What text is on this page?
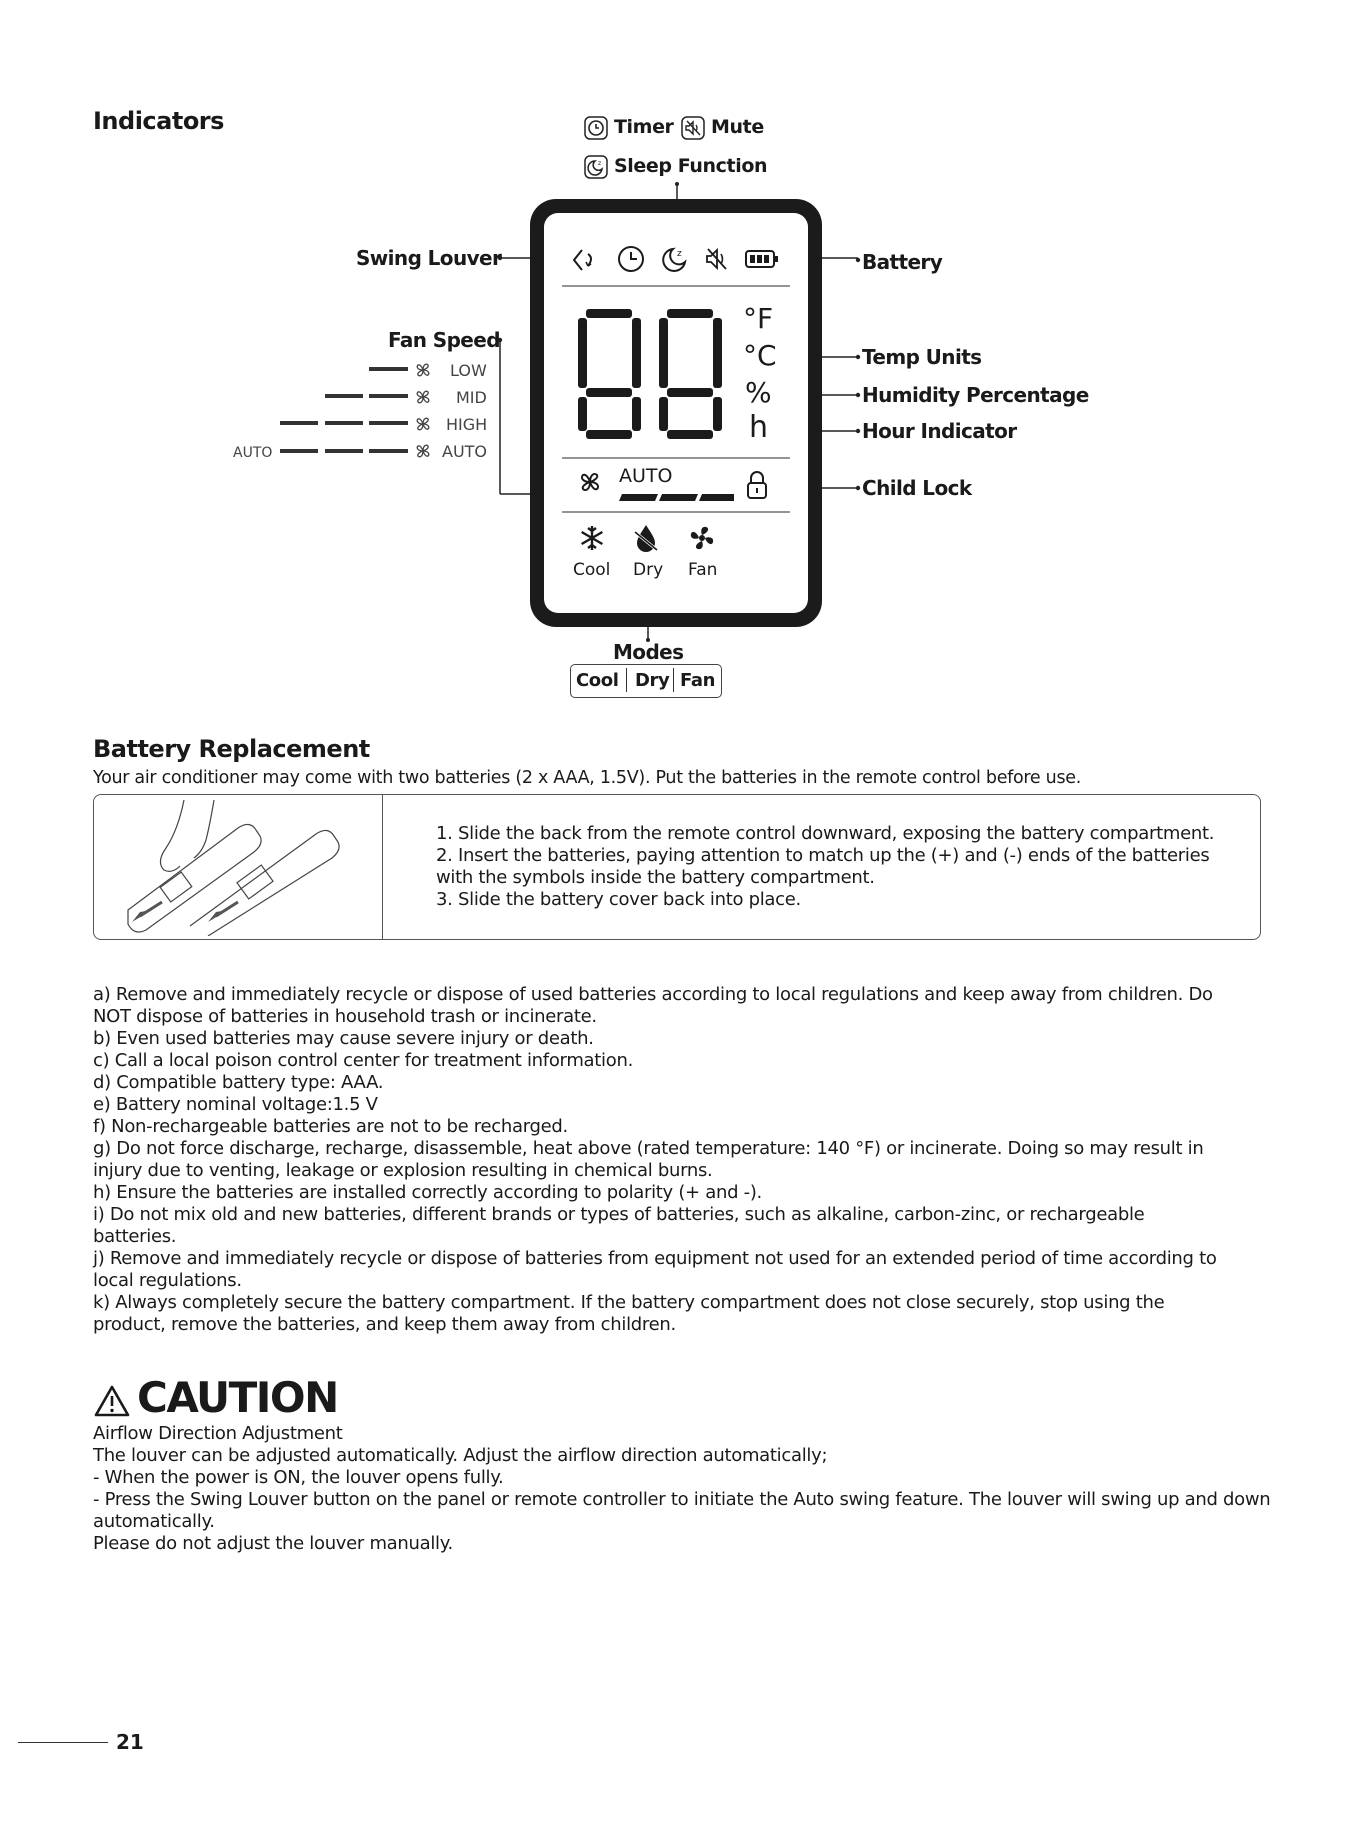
Indicators	Timer Mute
z Sleep Function
Swing Louver
Fan Speed
LOW
MID
HIGH
AUTO	AUTO
Battery
Temp Units
Humidity Percentage
Hour Indicator
Child Lock
z
°F
°C
%
h
AUTO
Cool Dry Fan
Modes
Cool Dry Fan
Battery Replacement
Your air conditioner may come with two batteries (2 x AAA, 1.5V). Put the batteries in the remote control before use.
1. Slide the back from the remote control downward, exposing the battery compartment.
2. Insert the batteries, paying attention to match up the (+) and (-) ends of the batteries
with the symbols inside the battery compartment.
3. Slide the battery cover back into place.
a) Remove and immediately recycle or dispose of used batteries according to local regulations and keep away from children. Do
NOT dispose of batteries in household trash or incinerate.
b) Even used batteries may cause severe injury or death.
c) Call a local poison control center for treatment information.
d) Compatible battery type: AAA.
e) Battery nominal voltage:1.5 V
f) Non-rechargeable batteries are not to be recharged.
g) Do not force discharge, recharge, disassemble, heat above (rated temperature: 140 °F) or incinerate. Doing so may result in
injury due to venting, leakage or explosion resulting in chemical burns.
h) Ensure the batteries are installed correctly according to polarity (+ and -).
i) Do not mix old and new batteries, different brands or types of batteries, such as alkaline, carbon-zinc, or rechargeable
batteries.
j) Remove and immediately recycle or dispose of batteries from equipment not used for an extended period of time according to
local regulations.
k) Always completely secure the battery compartment. If the battery compartment does not close securely, stop using the
product, remove the batteries, and keep them away from children.
CAUTION
Airflow Direction Adjustment
The louver can be adjusted automatically. Adjust the airflow direction automatically;
- When the power is ON, the louver opens fully.
- Press the Swing Louver button on the panel or remote controller to initiate the Auto swing feature. The louver will swing up and down
automatically.
Please do not adjust the louver manually.
21
